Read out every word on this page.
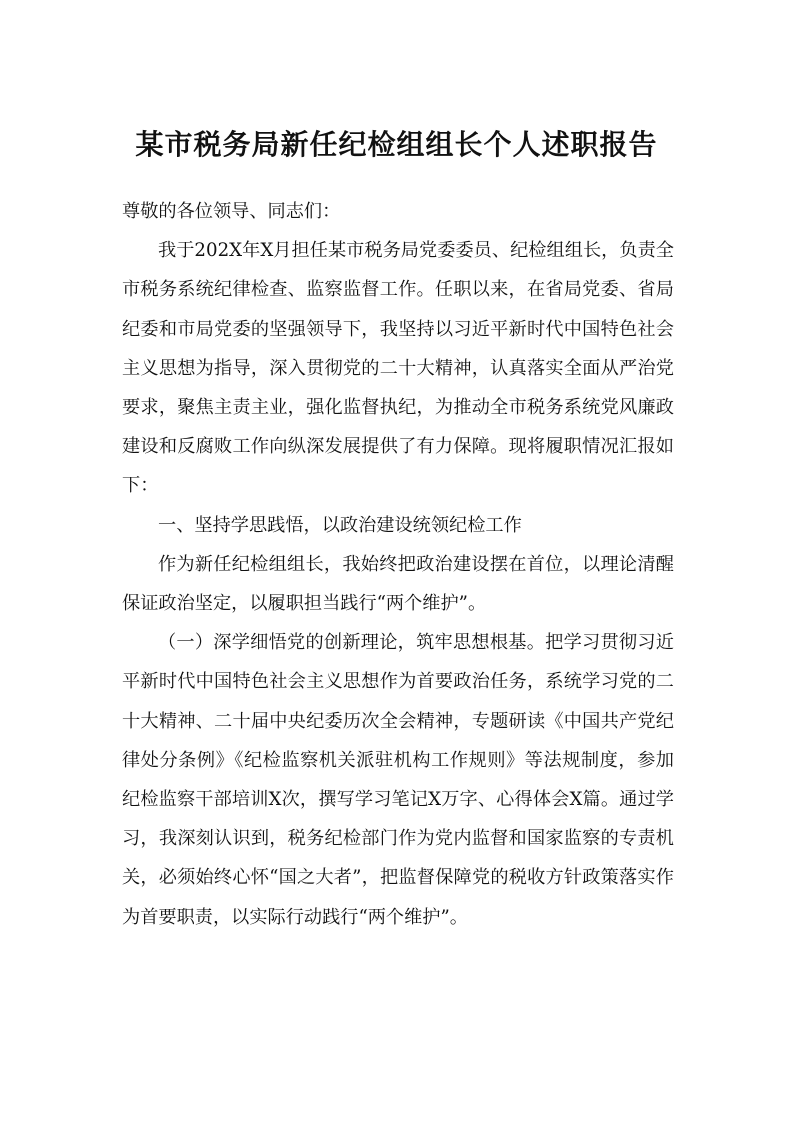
某市税务局新任纪检组组长个人述职报告

尊敬的各位领导、同志们：

我于202X年X月担任某市税务局党委委员、纪检组组长，负责全市税务系统纪律检查、监察监督工作。任职以来，在省局党委、省局纪委和市局党委的坚强领导下，我坚持以习近平新时代中国特色社会主义思想为指导，深入贯彻党的二十大精神，认真落实全面从严治党要求，聚焦主责主业，强化监督执纪，为推动全市税务系统党风廉政建设和反腐败工作向纵深发展提供了有力保障。现将履职情况汇报如下：

一、坚持学思践悟，以政治建设统领纪检工作

作为新任纪检组组长，我始终把政治建设摆在首位，以理论清醒保证政治坚定，以履职担当践行“两个维护”。

（一）深学细悟党的创新理论，筑牢思想根基。把学习贯彻习近平新时代中国特色社会主义思想作为首要政治任务，系统学习党的二十大精神、二十届中央纪委历次全会精神，专题研读《中国共产党纪律处分条例》《纪检监察机关派驻机构工作规则》等法规制度，参加纪检监察干部培训X次，撰写学习笔记X万字、心得体会X篇。通过学习，我深刻认识到，税务纪检部门作为党内监督和国家监察的专责机关，必须始终心怀“国之大者”，把监督保障党的税收方针政策落实作为首要职责，以实际行动践行“两个维护”。
